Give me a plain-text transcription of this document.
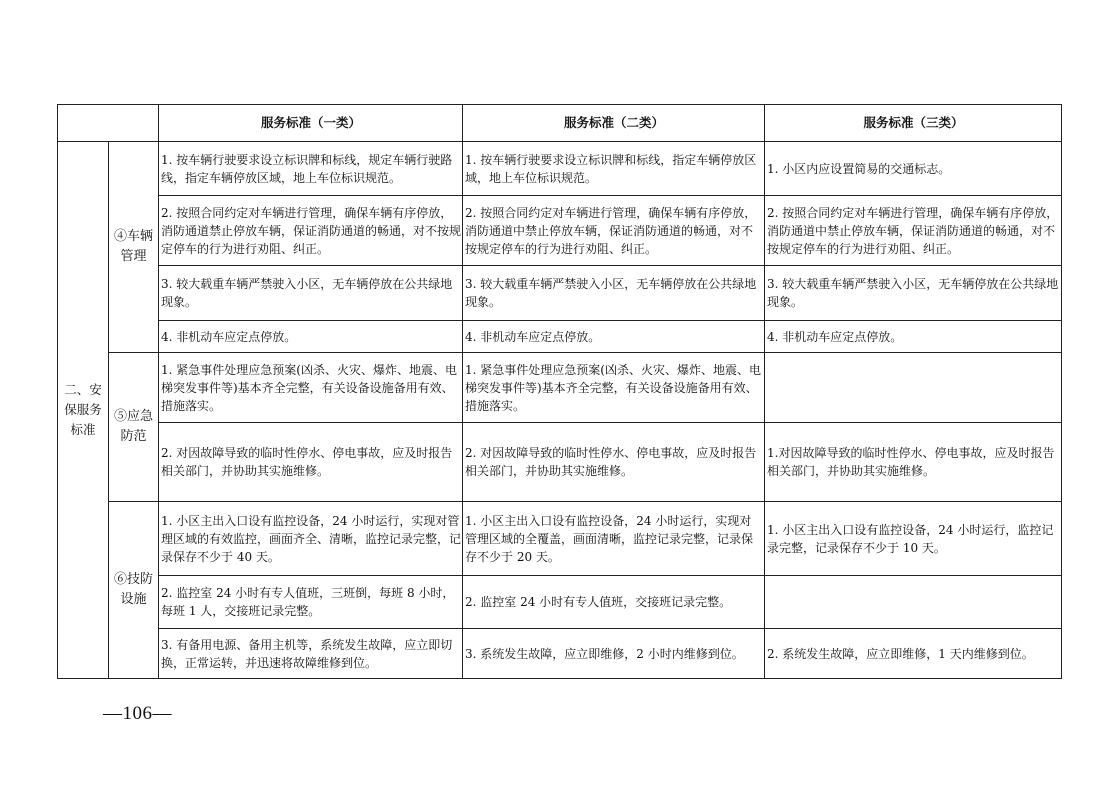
		服务标准（一类）	服务标准（二类）	服务标准（三类）
二、安保服务标准	④车辆管理	1. 按车辆行驶要求设立标识牌和标线，规定车辆行驶路线，指定车辆停放区域，地上车位标识规范。	1. 按车辆行驶要求设立标识牌和标线，指定车辆停放区域，地上车位标识规范。	1. 小区内应设置简易的交通标志。
		2. 按照合同约定对车辆进行管理，确保车辆有序停放，消防通道禁止停放车辆，保证消防通道的畅通，对不按规定停车的行为进行劝阻、纠正。	2. 按照合同约定对车辆进行管理，确保车辆有序停放，消防通道中禁止停放车辆，保证消防通道的畅通，对不按规定停车的行为进行劝阻、纠正。	2. 按照合同约定对车辆进行管理，确保车辆有序停放，消防通道中禁止停放车辆，保证消防通道的畅通，对不按规定停车的行为进行劝阻、纠正。
		3. 较大载重车辆严禁驶入小区，无车辆停放在公共绿地现象。	3. 较大载重车辆严禁驶入小区，无车辆停放在公共绿地现象。	3. 较大载重车辆严禁驶入小区，无车辆停放在公共绿地现象。
		4. 非机动车应定点停放。	4. 非机动车应定点停放。	4. 非机动车应定点停放。
	⑤应急防范	1. 紧急事件处理应急预案(凶杀、火灾、爆炸、地震、电梯突发事件等)基本齐全完整，有关设备设施备用有效、措施落实。	1. 紧急事件处理应急预案(凶杀、火灾、爆炸、地震、电梯突发事件等)基本齐全完整，有关设备设施备用有效、措施落实。	
		2. 对因故障导致的临时性停水、停电事故，应及时报告相关部门，并协助其实施维修。	2. 对因故障导致的临时性停水、停电事故，应及时报告相关部门，并协助其实施维修。	1.对因故障导致的临时性停水、停电事故，应及时报告相关部门，并协助其实施维修。
	⑥技防设施	1. 小区主出入口设有监控设备，24 小时运行，实现对管理区域的有效监控，画面齐全、清晰，监控记录完整，记录保存不少于 40 天。	1. 小区主出入口设有监控设备，24 小时运行，实现对管理区域的全覆盖，画面清晰，监控记录完整，记录保存不少于 20 天。	1. 小区主出入口设有监控设备，24 小时运行，监控记录完整，记录保存不少于 10 天。
		2. 监控室 24 小时有专人值班，三班倒，每班 8 小时，每班 1 人，交接班记录完整。	2. 监控室 24 小时有专人值班，交接班记录完整。	
		3. 有备用电源、备用主机等，系统发生故障，应立即切换，正常运转，并迅速将故障维修到位。	3. 系统发生故障，应立即维修，2 小时内维修到位。	2. 系统发生故障，应立即维修，1 天内维修到位。
—106—
